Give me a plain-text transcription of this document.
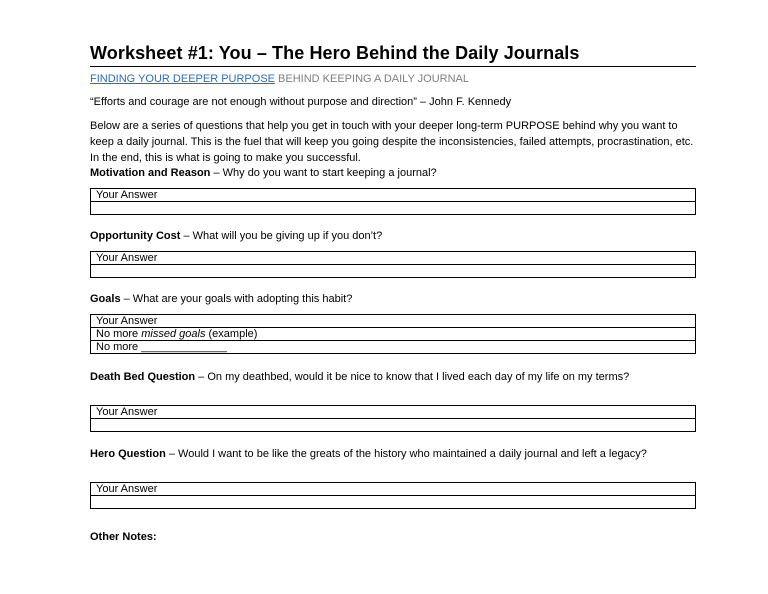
Worksheet #1: You – The Hero Behind the Daily Journals
FINDING YOUR DEEPER PURPOSE BEHIND KEEPING A DAILY JOURNAL
“Efforts and courage are not enough without purpose and direction” – John F. Kennedy
Below are a series of questions that help you get in touch with your deeper long-term PURPOSE behind why you want to keep a daily journal. This is the fuel that will keep you going despite the inconsistencies, failed attempts, procrastination, etc. In the end, this is what is going to make you successful.
Motivation and Reason – Why do you want to start keeping a journal?
Your Answer

Opportunity Cost – What will you be giving up if you don’t?
Your Answer

Goals – What are your goals with adopting this habit?
Your Answer
No more missed goals (example)
No more ______________
Death Bed Question – On my deathbed, would it be nice to know that I lived each day of my life on my terms?
Your Answer

Hero Question – Would I want to be like the greats of the history who maintained a daily journal and left a legacy?
Your Answer

Other Notes:
